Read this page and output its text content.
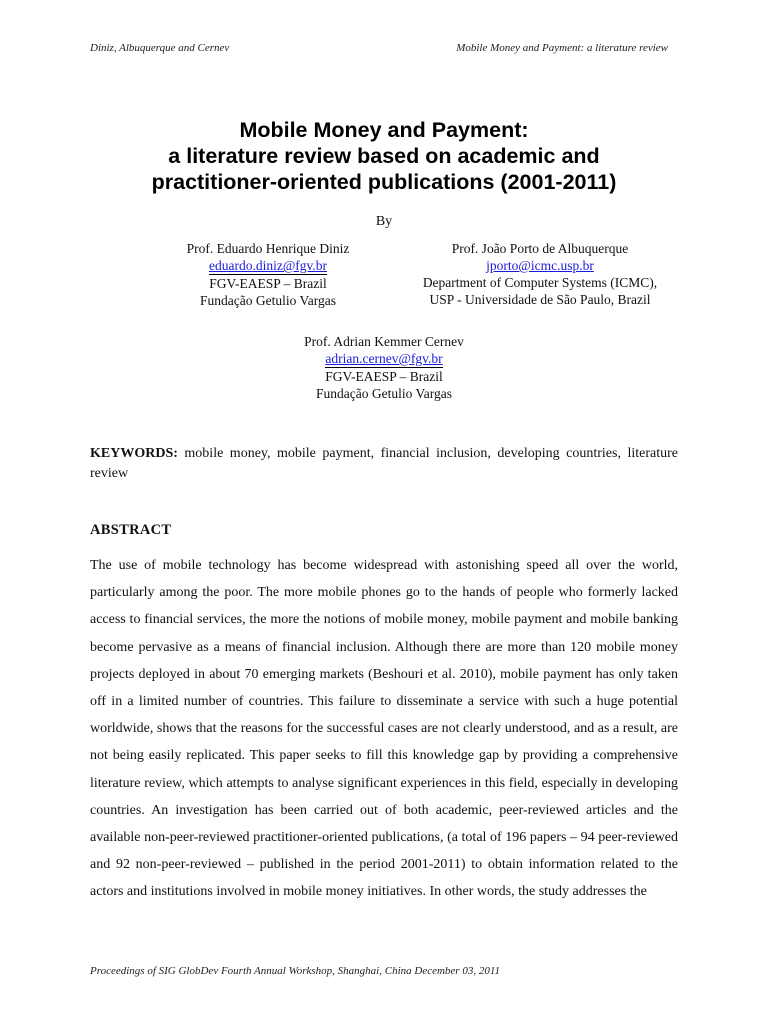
Diniz, Albuquerque and Cernev	Mobile Money and Payment: a literature review
Mobile Money and Payment:
a literature review based on academic and
practitioner-oriented publications (2001-2011)
By
Prof. Eduardo Henrique Diniz
eduardo.diniz@fgv.br
FGV-EAESP – Brazil
Fundação Getulio Vargas
Prof. João Porto de Albuquerque
jporto@icmc.usp.br
Department of Computer Systems (ICMC),
USP - Universidade de São Paulo, Brazil
Prof. Adrian Kemmer Cernev
adrian.cernev@fgv.br
FGV-EAESP – Brazil
Fundação Getulio Vargas
KEYWORDS: mobile money, mobile payment, financial inclusion, developing countries, literature review
ABSTRACT
The use of mobile technology has become widespread with astonishing speed all over the world, particularly among the poor. The more mobile phones go to the hands of people who formerly lacked access to financial services, the more the notions of mobile money, mobile payment and mobile banking become pervasive as a means of financial inclusion. Although there are more than 120 mobile money projects deployed in about 70 emerging markets (Beshouri et al. 2010), mobile payment has only taken off in a limited number of countries. This failure to disseminate a service with such a huge potential worldwide, shows that the reasons for the successful cases are not clearly understood, and as a result, are not being easily replicated. This paper seeks to fill this knowledge gap by providing a comprehensive literature review, which attempts to analyse significant experiences in this field, especially in developing countries. An investigation has been carried out of both academic, peer-reviewed articles and the available non-peer-reviewed practitioner-oriented publications, (a total of 196 papers – 94 peer-reviewed and 92 non-peer-reviewed – published in the period 2001-2011) to obtain information related to the actors and institutions involved in mobile money initiatives. In other words, the study addresses the
Proceedings of SIG GlobDev Fourth Annual Workshop, Shanghai, China December 03, 2011
